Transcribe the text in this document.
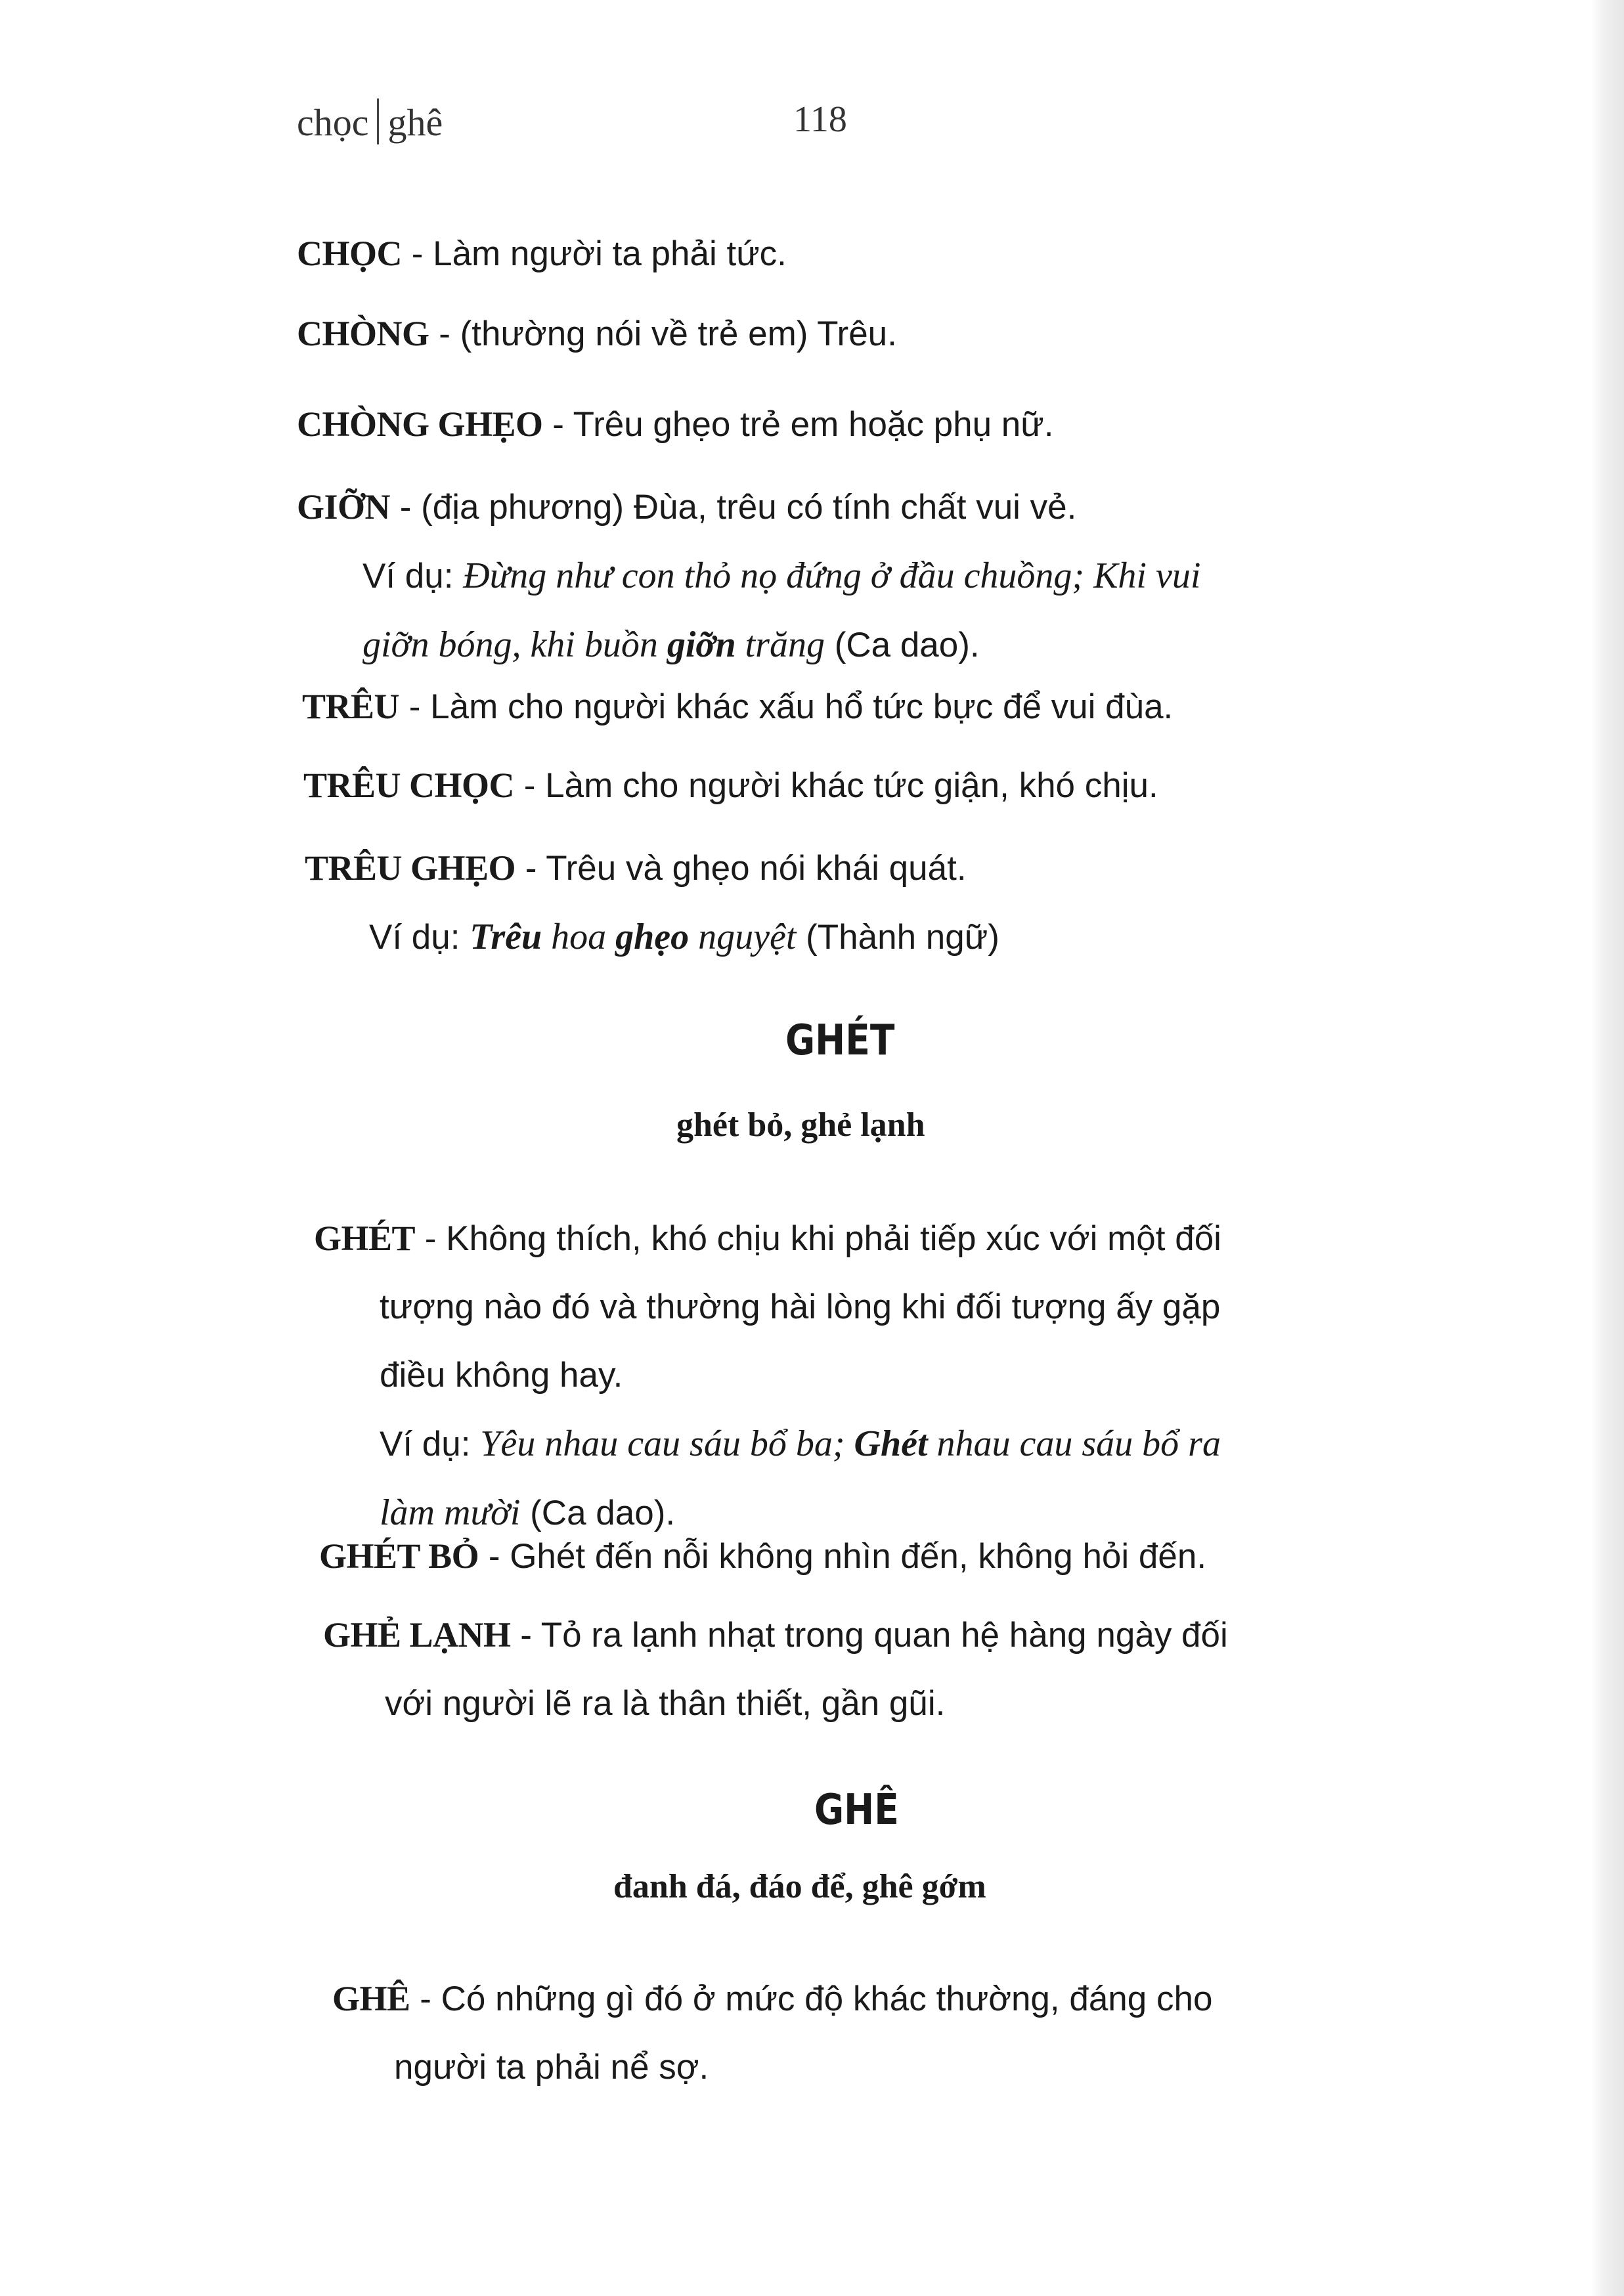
chọc ghê	118
CHỌC - Làm người ta phải tức.
CHÒNG - (thường nói về trẻ em) Trêu.
CHÒNG GHẸO - Trêu ghẹo trẻ em hoặc phụ nữ.
GIỠN - (địa phương) Đùa, trêu có tính chất vui vẻ.
Ví dụ: Đừng như con thỏ nọ đứng ở đầu chuồng; Khi vui
giỡn bóng, khi buồn giỡn trăng (Ca dao).
TRÊU - Làm cho người khác xấu hổ tức bực để vui đùa.
TRÊU CHỌC - Làm cho người khác tức giận, khó chịu.
TRÊU GHẸO - Trêu và ghẹo nói khái quát.
Ví dụ: Trêu hoa ghẹo nguyệt (Thành ngữ)
GHÉT
ghét bỏ, ghẻ lạnh
GHÉT - Không thích, khó chịu khi phải tiếp xúc với một đối
tượng nào đó và thường hài lòng khi đối tượng ấy gặp
điều không hay.
Ví dụ: Yêu nhau cau sáu bổ ba; Ghét nhau cau sáu bổ ra
làm mười (Ca dao).
GHÉT BỎ - Ghét đến nỗi không nhìn đến, không hỏi đến.
GHẺ LẠNH - Tỏ ra lạnh nhạt trong quan hệ hàng ngày đối
với người lẽ ra là thân thiết, gần gũi.
GHÊ
đanh đá, đáo để, ghê gớm
GHÊ - Có những gì đó ở mức độ khác thường, đáng cho
người ta phải nể sợ.
